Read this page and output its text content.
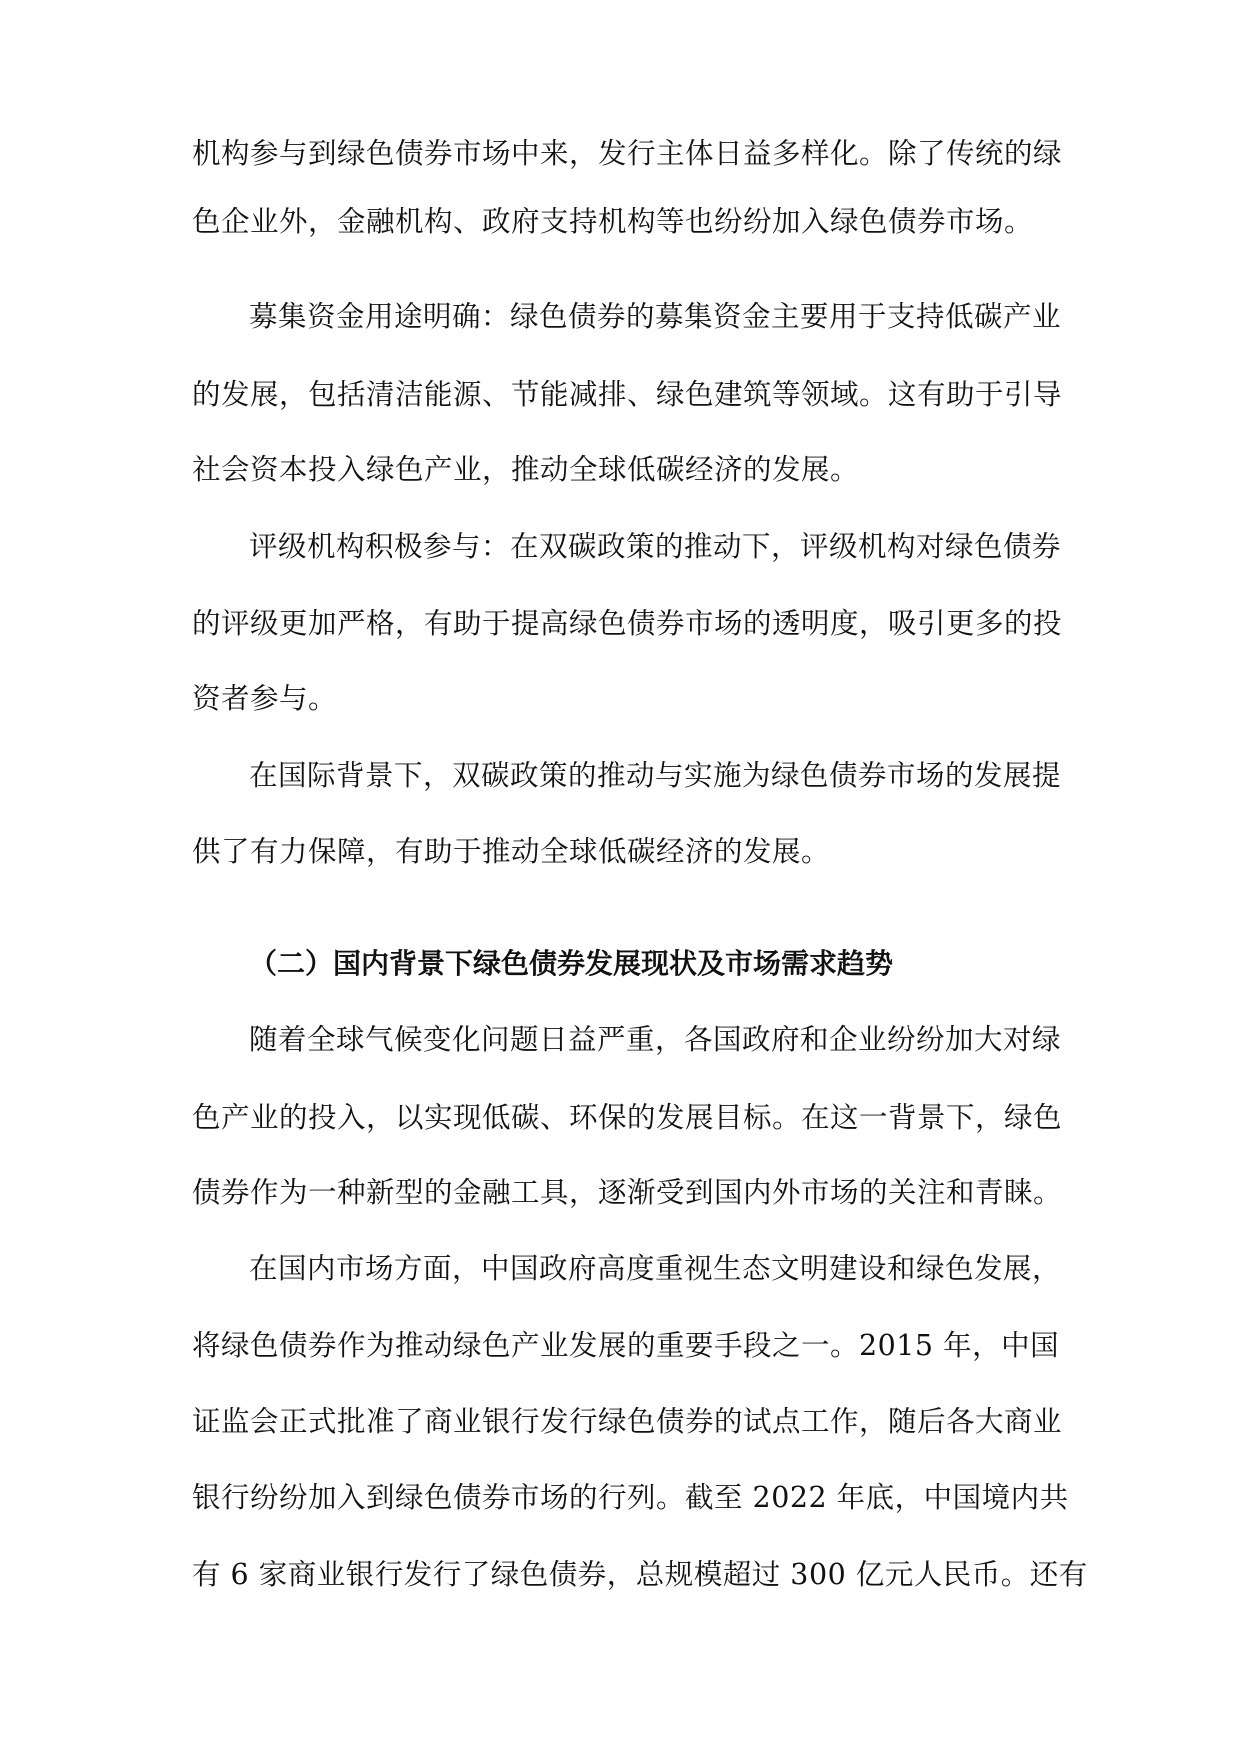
机构参与到绿色债券市场中来，发行主体日益多样化。除了传统的绿
色企业外，金融机构、政府支持机构等也纷纷加入绿色债券市场。
募集资金用途明确：绿色债券的募集资金主要用于支持低碳产业
的发展，包括清洁能源、节能减排、绿色建筑等领域。这有助于引导
社会资本投入绿色产业，推动全球低碳经济的发展。
评级机构积极参与：在双碳政策的推动下，评级机构对绿色债券
的评级更加严格，有助于提高绿色债券市场的透明度，吸引更多的投
资者参与。
在国际背景下，双碳政策的推动与实施为绿色债券市场的发展提
供了有力保障，有助于推动全球低碳经济的发展。
（二）国内背景下绿色债券发展现状及市场需求趋势
随着全球气候变化问题日益严重，各国政府和企业纷纷加大对绿
色产业的投入，以实现低碳、环保的发展目标。在这一背景下，绿色
债券作为一种新型的金融工具，逐渐受到国内外市场的关注和青睐。
在国内市场方面，中国政府高度重视生态文明建设和绿色发展，
将绿色债券作为推动绿色产业发展的重要手段之一。2015 年，中国
证监会正式批准了商业银行发行绿色债券的试点工作，随后各大商业
银行纷纷加入到绿色债券市场的行列。截至 2022 年底，中国境内共
有 6 家商业银行发行了绿色债券，总规模超过 300 亿元人民币。还有
